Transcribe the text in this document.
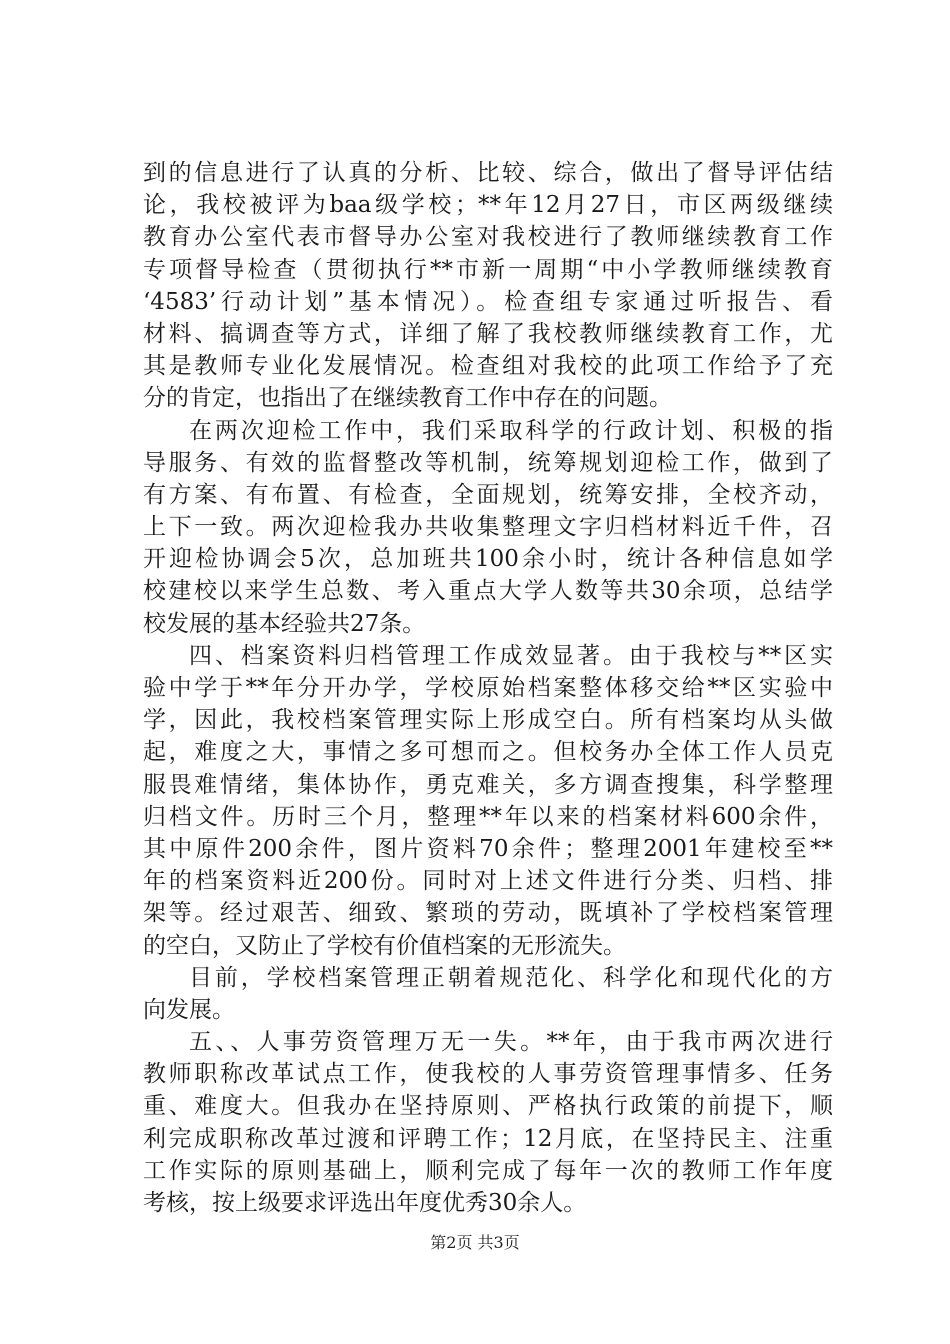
到的信息进行了认真的分析、比较、综合，做出了督导评估结
论，我校被评为baa级学校；**年12月27日，市区两级继续
教育办公室代表市督导办公室对我校进行了教师继续教育工作
专项督导检查（贯彻执行**市新一周期“中小学教师继续教育
‘4583’行动计划”基本情况）。检查组专家通过听报告、看
材料、搞调查等方式，详细了解了我校教师继续教育工作，尤
其是教师专业化发展情况。检查组对我校的此项工作给予了充
分的肯定，也指出了在继续教育工作中存在的问题。
在两次迎检工作中，我们采取科学的行政计划、积极的指
导服务、有效的监督整改等机制，统筹规划迎检工作，做到了
有方案、有布置、有检查，全面规划，统筹安排，全校齐动，
上下一致。两次迎检我办共收集整理文字归档材料近千件，召
开迎检协调会5次，总加班共100余小时，统计各种信息如学
校建校以来学生总数、考入重点大学人数等共30余项，总结学
校发展的基本经验共27条。
四、档案资料归档管理工作成效显著。由于我校与**区实
验中学于**年分开办学，学校原始档案整体移交给**区实验中
学，因此，我校档案管理实际上形成空白。所有档案均从头做
起，难度之大，事情之多可想而之。但校务办全体工作人员克
服畏难情绪，集体协作，勇克难关，多方调查搜集，科学整理
归档文件。历时三个月，整理**年以来的档案材料600余件，
其中原件200余件，图片资料70余件；整理2001年建校至**
年的档案资料近200份。同时对上述文件进行分类、归档、排
架等。经过艰苦、细致、繁琐的劳动，既填补了学校档案管理
的空白，又防止了学校有价值档案的无形流失。
目前，学校档案管理正朝着规范化、科学化和现代化的方
向发展。
五、、人事劳资管理万无一失。**年，由于我市两次进行
教师职称改革试点工作，使我校的人事劳资管理事情多、任务
重、难度大。但我办在坚持原则、严格执行政策的前提下，顺
利完成职称改革过渡和评聘工作；12月底，在坚持民主、注重
工作实际的原则基础上，顺利完成了每年一次的教师工作年度
考核，按上级要求评选出年度优秀30余人。
第2页 共3页
